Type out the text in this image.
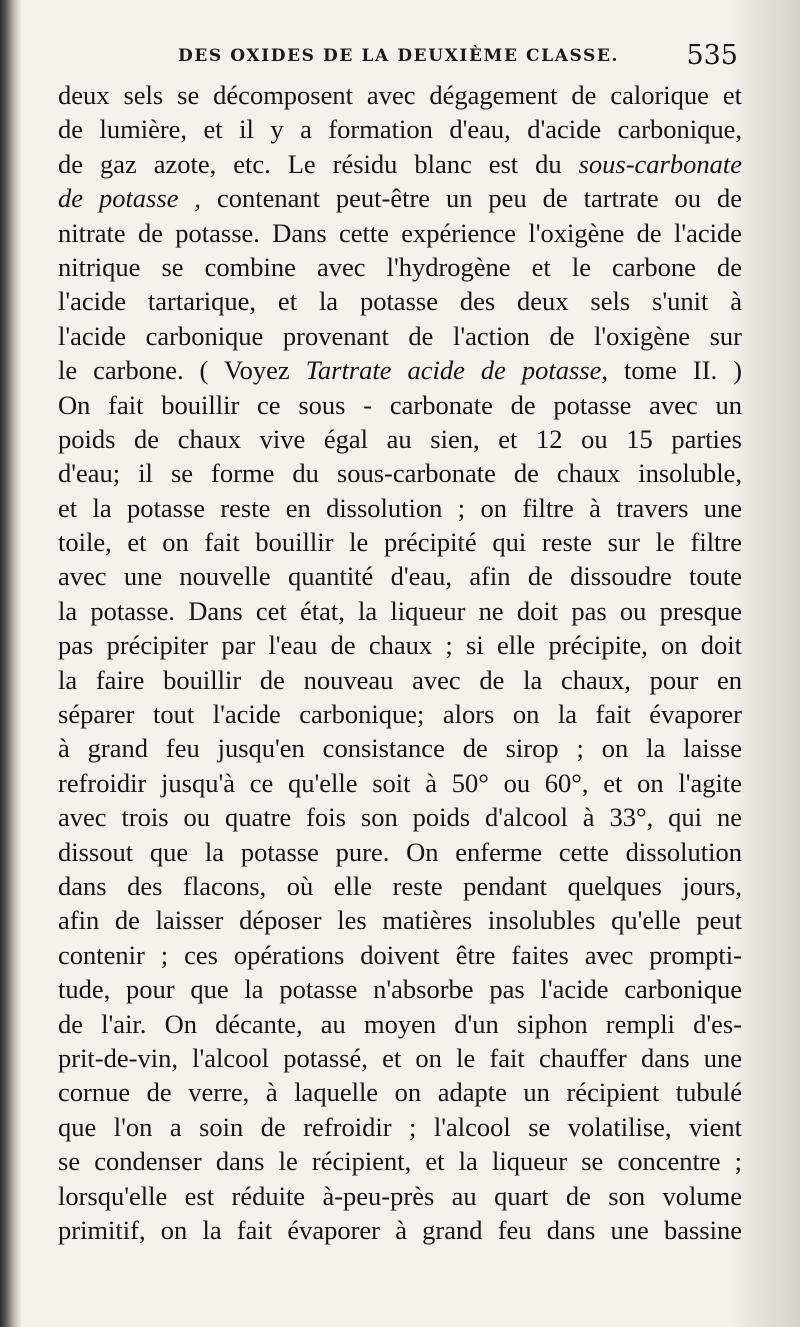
DES OXIDES DE LA DEUXIÈME CLASSE. 535
deux sels se décomposent avec dégagement de calorique et
de lumière, et il y a formation d'eau, d'acide carbonique,
de gaz azote, etc. Le résidu blanc est du sous-carbonate
de potasse , contenant peut-être un peu de tartrate ou de
nitrate de potasse. Dans cette expérience l'oxigène de l'acide
nitrique se combine avec l'hydrogène et le carbone de
l'acide tartarique, et la potasse des deux sels s'unit à
l'acide carbonique provenant de l'action de l'oxigène sur
le carbone. ( Voyez Tartrate acide de potasse, tome II. )
On fait bouillir ce sous - carbonate de potasse avec un
poids de chaux vive égal au sien, et 12 ou 15 parties
d'eau; il se forme du sous-carbonate de chaux insoluble,
et la potasse reste en dissolution ; on filtre à travers une
toile, et on fait bouillir le précipité qui reste sur le filtre
avec une nouvelle quantité d'eau, afin de dissoudre toute
la potasse. Dans cet état, la liqueur ne doit pas ou presque
pas précipiter par l'eau de chaux ; si elle précipite, on doit
la faire bouillir de nouveau avec de la chaux, pour en
séparer tout l'acide carbonique; alors on la fait évaporer
à grand feu jusqu'en consistance de sirop ; on la laisse
refroidir jusqu'à ce qu'elle soit à 50° ou 60°, et on l'agite
avec trois ou quatre fois son poids d'alcool à 33°, qui ne
dissout que la potasse pure. On enferme cette dissolution
dans des flacons, où elle reste pendant quelques jours,
afin de laisser déposer les matières insolubles qu'elle peut
contenir ; ces opérations doivent être faites avec prompti-
tude, pour que la potasse n'absorbe pas l'acide carbonique
de l'air. On décante, au moyen d'un siphon rempli d'es-
prit-de-vin, l'alcool potassé, et on le fait chauffer dans une
cornue de verre, à laquelle on adapte un récipient tubulé
que l'on a soin de refroidir ; l'alcool se volatilise, vient
se condenser dans le récipient, et la liqueur se concentre ;
lorsqu'elle est réduite à-peu-près au quart de son volume
primitif, on la fait évaporer à grand feu dans une bassine
